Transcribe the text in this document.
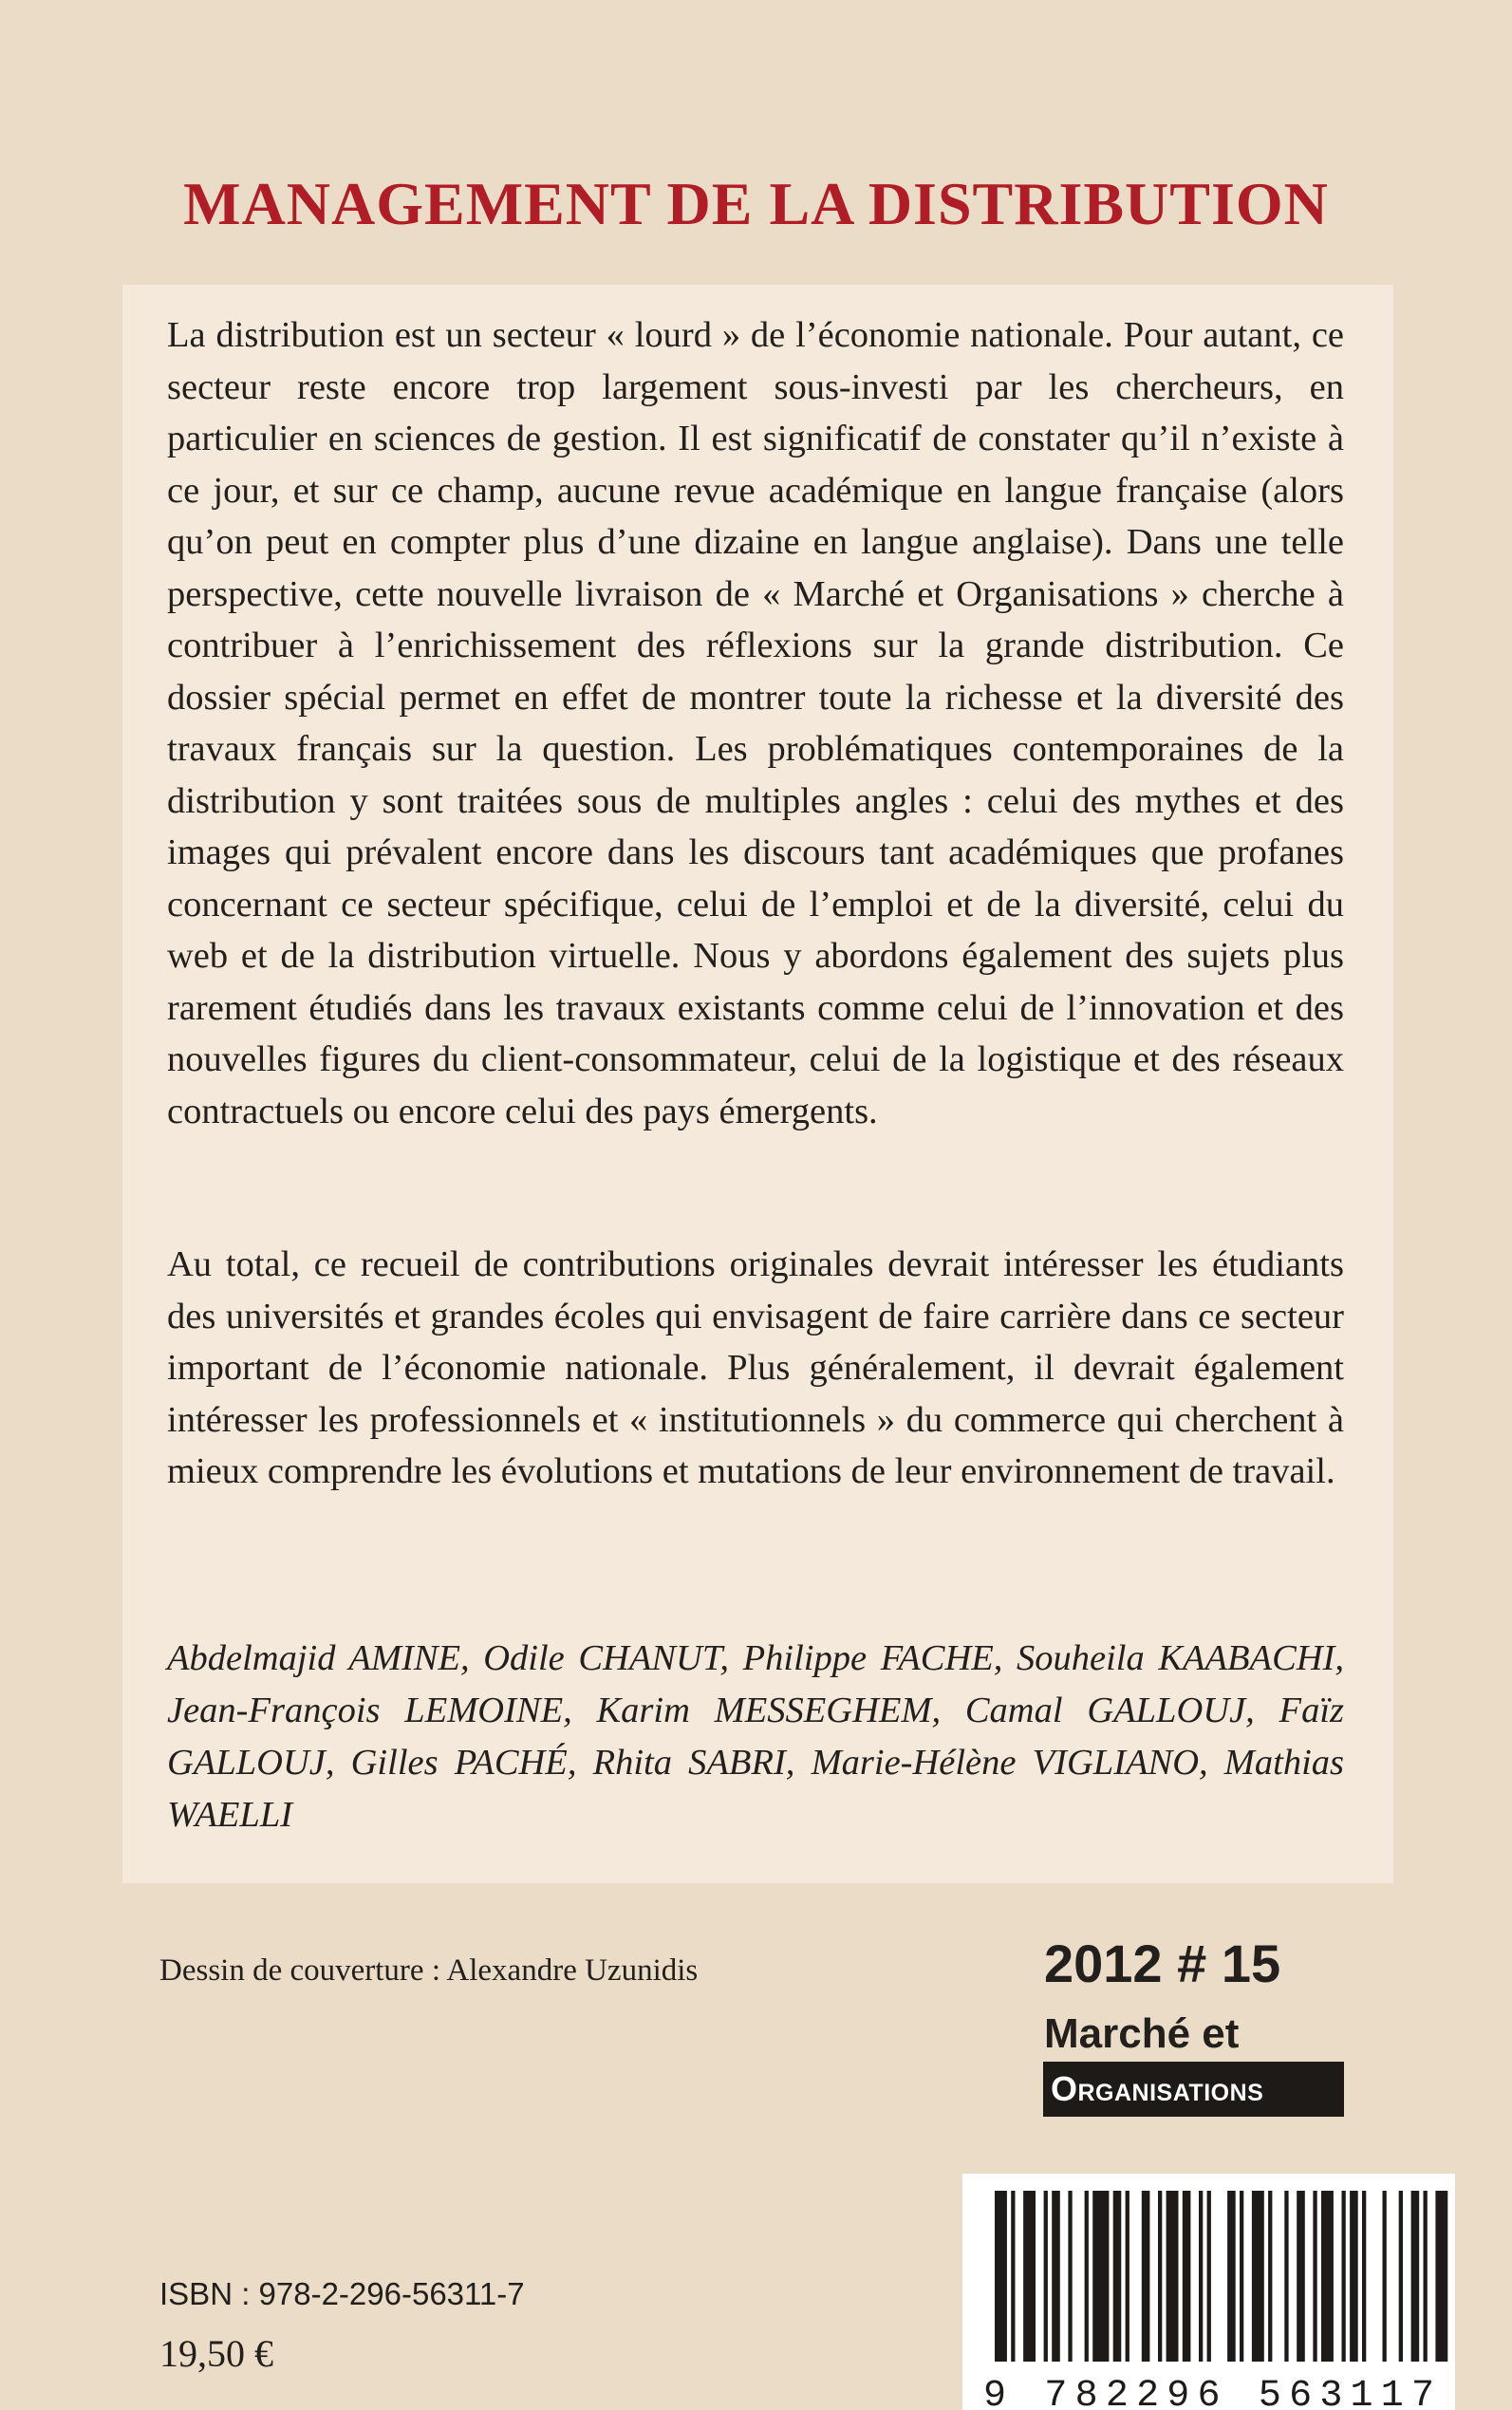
MANAGEMENT DE LA DISTRIBUTION

La distribution est un secteur « lourd » de l’économie nationale. Pour autant, ce secteur reste encore trop largement sous-investi par les chercheurs, en particulier en sciences de gestion. Il est significatif de constater qu’il n’existe à ce jour, et sur ce champ, aucune revue académique en langue française (alors qu’on peut en compter plus d’une dizaine en langue anglaise). Dans une telle perspective, cette nouvelle livraison de « Marché et Organisations » cherche à contribuer à l’enrichissement des réflexions sur la grande distribution. Ce dossier spécial permet en effet de montrer toute la richesse et la diversité des travaux français sur la question. Les problématiques contemporaines de la distribution y sont traitées sous de multiples angles : celui des mythes et des images qui prévalent encore dans les discours tant académiques que profanes concernant ce secteur spécifique, celui de l’emploi et de la diversité, celui du web et de la distribution virtuelle. Nous y abordons également des sujets plus rarement étudiés dans les travaux existants comme celui de l’innovation et des nouvelles figures du client-consommateur, celui de la logistique et des réseaux contractuels ou encore celui des pays émergents.

Au total, ce recueil de contributions originales devrait intéresser les étudiants des universités et grandes écoles qui envisagent de faire carrière dans ce secteur important de l’économie nationale. Plus généralement, il devrait également intéresser les professionnels et « institutionnels » du commerce qui cherchent à mieux comprendre les évolutions et mutations de leur environnement de travail.

Abdelmajid AMINE, Odile CHANUT, Philippe FACHE, Souheila KAABACHI, Jean-François LEMOINE, Karim MESSEGHEM, Camal GALLOUJ, Faïz GALLOUJ, Gilles PACHÉ, Rhita SABRI, Marie-Hélène VIGLIANO, Mathias WAELLI

Dessin de couverture : Alexandre Uzunidis	2012 # 15
Marché et
Organisations
ISBN : 978-2-296-56311-7
19,50 €
9 782296 563117
